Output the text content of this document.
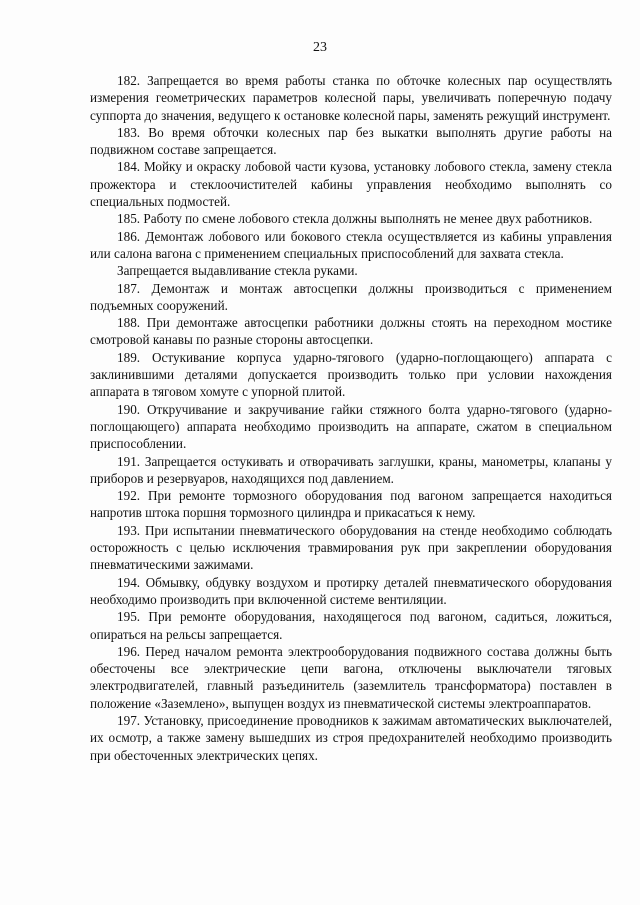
23

182. Запрещается во время работы станка по обточке колесных пар осуществлять измерения геометрических параметров колесной пары, увеличивать поперечную подачу суппорта до значения, ведущего к остановке колесной пары, заменять режущий инструмент.

183. Во время обточки колесных пар без выкатки выполнять другие работы на подвижном составе запрещается.

184. Мойку и окраску лобовой части кузова, установку лобового стекла, замену стекла прожектора и стеклоочистителей кабины управления необходимо выполнять со специальных подмостей.

185. Работу по смене лобового стекла должны выполнять не менее двух работников.

186. Демонтаж лобового или бокового стекла осуществляется из кабины управления или салона вагона с применением специальных приспособлений для захвата стекла.

Запрещается выдавливание стекла руками.

187. Демонтаж и монтаж автосцепки должны производиться с применением подъемных сооружений.

188. При демонтаже автосцепки работники должны стоять на переходном мостике смотровой канавы по разные стороны автосцепки.

189. Остукивание корпуса ударно-тягового (ударно-поглощающего) аппарата с заклинившими деталями допускается производить только при условии нахождения аппарата в тяговом хомуте с упорной плитой.

190. Откручивание и закручивание гайки стяжного болта ударно-тягового (ударно-поглощающего) аппарата необходимо производить на аппарате, сжатом в специальном приспособлении.

191. Запрещается остукивать и отворачивать заглушки, краны, манометры, клапаны у приборов и резервуаров, находящихся под давлением.

192. При ремонте тормозного оборудования под вагоном запрещается находиться напротив штока поршня тормозного цилиндра и прикасаться к нему.

193. При испытании пневматического оборудования на стенде необходимо соблюдать осторожность с целью исключения травмирования рук при закреплении оборудования пневматическими зажимами.

194. Обмывку, обдувку воздухом и протирку деталей пневматического оборудования необходимо производить при включенной системе вентиляции.

195. При ремонте оборудования, находящегося под вагоном, садиться, ложиться, опираться на рельсы запрещается.

196. Перед началом ремонта электрооборудования подвижного состава должны быть обесточены все электрические цепи вагона, отключены выключатели тяговых электродвигателей, главный разъединитель (заземлитель трансформатора) поставлен в положение «Заземлено», выпущен воздух из пневматической системы электроаппаратов.

197. Установку, присоединение проводников к зажимам автоматических выключателей, их осмотр, а также замену вышедших из строя предохранителей необходимо производить при обесточенных электрических цепях.
